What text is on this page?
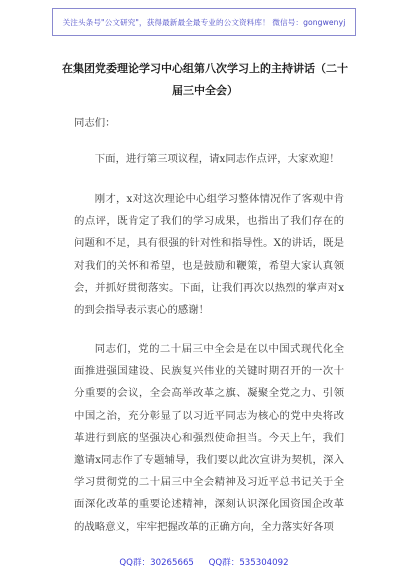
关注头条号"公文研究"，获得最新最全最专业的公文资料库！ 微信号：gongwenyj
在集团党委理论学习中心组第八次学习上的主持讲话（二十届三中全会）
同志们：
下面，进行第三项议程，请x同志作点评，大家欢迎！
刚才，x对这次理论中心组学习整体情况作了客观中肯的点评，既肯定了我们的学习成果，也指出了我们存在的问题和不足，具有很强的针对性和指导性。X的讲话，既是对我们的关怀和希望，也是鼓励和鞭策，希望大家认真领会，并抓好贯彻落实。下面，让我们再次以热烈的掌声对x的到会指导表示衷心的感谢！
同志们，党的二十届三中全会是在以中国式现代化全面推进强国建设、民族复兴伟业的关键时期召开的一次十分重要的会议，全会高举改革之旗、凝聚全党之力、引领中国之治，充分彰显了以习近平同志为核心的党中央将改革进行到底的坚强决心和强烈使命担当。今天上午，我们邀请x同志作了专题辅导，我们要以此次宣讲为契机，深入学习贯彻党的二十届三中全会精神及习近平总书记关于全面深化改革的重要论述精神，深刻认识深化国资国企改革的战略意义，牢牢把握改革的正确方向，全力落实好各项
QQ群：30265665 QQ群：535304092
